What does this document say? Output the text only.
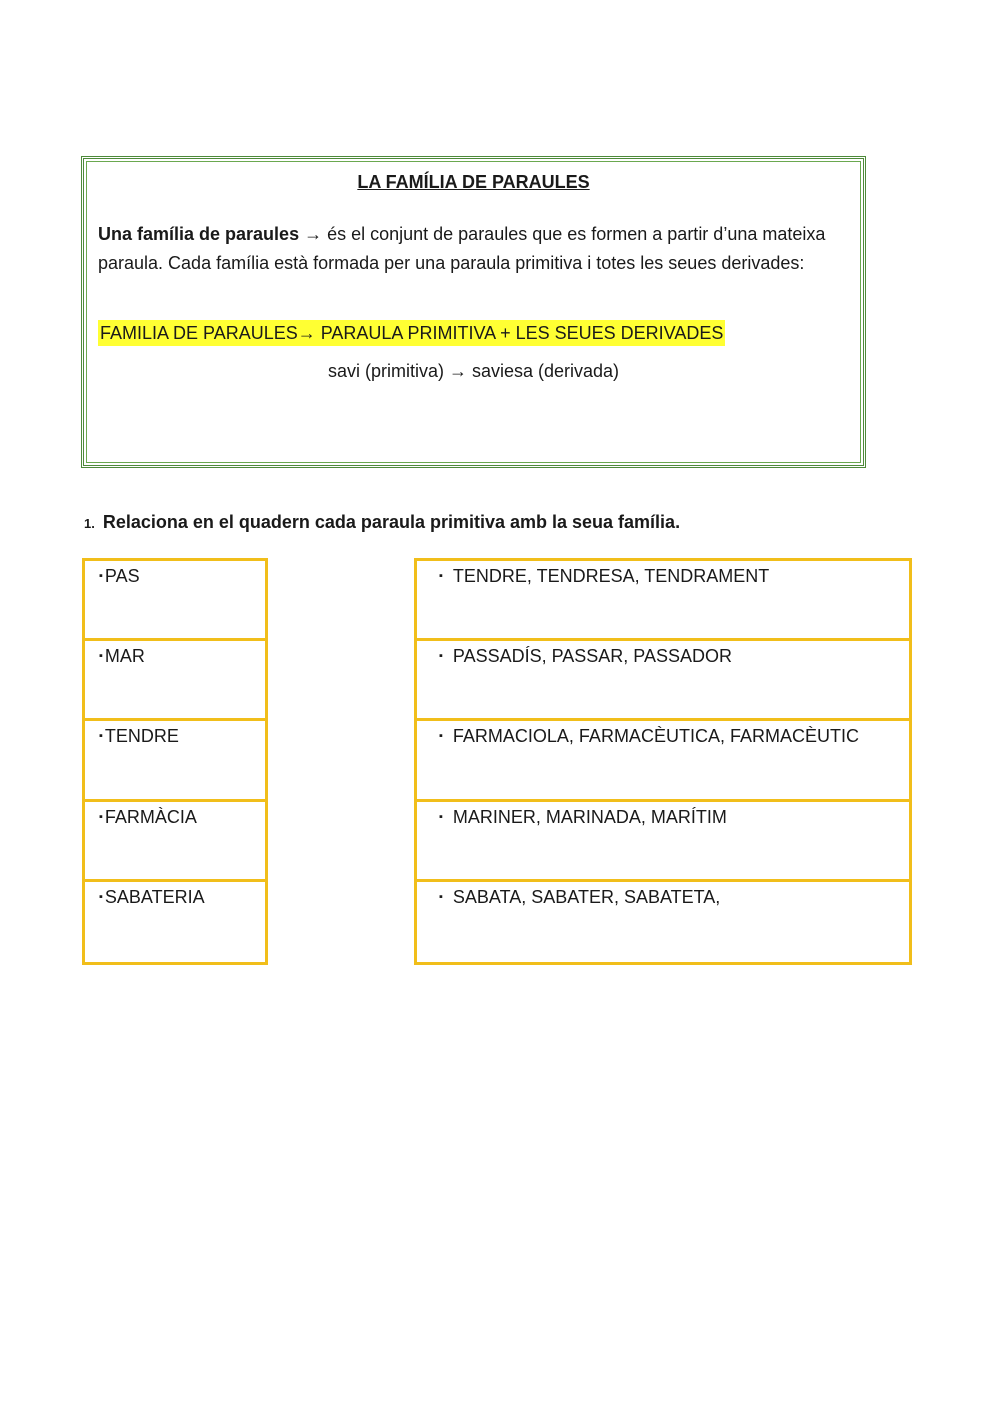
LA FAMÍLIA DE PARAULES
Una família de paraules → és el conjunt de paraules que es formen a partir d’una mateixa paraula. Cada família està formada per una paraula primitiva i totes les seues derivades:
FAMILIA DE PARAULES→ PARAULA PRIMITIVA + LES SEUES DERIVADES
savi (primitiva) → saviesa (derivada)
1. Relaciona en el quadern cada paraula primitiva amb la seua família.
▪ PAS
▪ MAR
▪ TENDRE
▪ FARMÀCIA
▪ SABATERIA
▪ TENDRE, TENDRESA, TENDRAMENT
▪ PASSADÍS, PASSAR, PASSADOR
▪ FARMACIOLA, FARMACÈUTICA, FARMACÈUTIC
▪ MARINER, MARINADA, MARÍTIM
▪ SABATA, SABATER, SABATETA,
